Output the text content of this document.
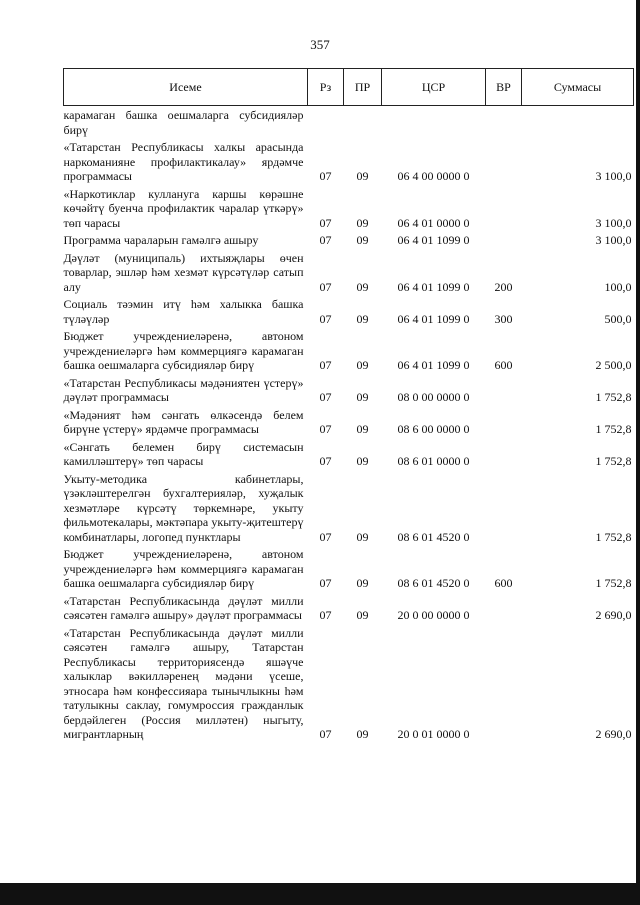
357
Исеме	Рз	ПР	ЦСР	ВР	Суммасы
карамаган башка оешмаларга субсидияләр бирү					
«Татарстан Республикасы халкы арасында наркоманияне профилактикалау» ярдәмче программасы	07	09	06 4 00 0000 0		3 100,0
«Наркотиклар куллануга каршы көрәшне көчәйтү буенча профилактик чаралар үткәрү» төп чарасы	07	09	06 4 01 0000 0		3 100,0
Программа чараларын гамәлгә ашыру	07	09	06 4 01 1099 0		3 100,0
Дәүләт (муниципаль) ихтыяҗлары өчен товарлар, эшләр һәм хезмәт күрсәтүләр сатып алу	07	09	06 4 01 1099 0	200	100,0
Социаль тәэмин итү һәм халыкка башка түләүләр	07	09	06 4 01 1099 0	300	500,0
Бюджет учреждениеләренә, автоном учреждениеләргә һәм коммерциягә карамаган башка оешмаларга субсидияләр бирү	07	09	06 4 01 1099 0	600	2 500,0
«Татарстан Республикасы мәдәниятен үстерү» дәүләт программасы	07	09	08 0 00 0000 0		1 752,8
«Мәдәният һәм сәнгать өлкәсендә белем бирүне үстерү» ярдәмче программасы	07	09	08 6 00 0000 0		1 752,8
«Сәнгать белемен бирү системасын камилләштерү» төп чарасы	07	09	08 6 01 0000 0		1 752,8
Укыту-методика кабинетлары, үзәкләштерелгән бухгалтерияләр, хуҗалык хезмәтләре күрсәтү төркемнәре, укыту фильмотекалары, мәктәпара укыту-җитештерү комбинатлары, логопед пунктлары	07	09	08 6 01 4520 0		1 752,8
Бюджет учреждениеләренә, автоном учреждениеләргә һәм коммерциягә карамаган башка оешмаларга субсидияләр бирү	07	09	08 6 01 4520 0	600	1 752,8
«Татарстан Республикасында дәүләт милли сәясәтен гамәлгә ашыру» дәүләт программасы	07	09	20 0 00 0000 0		2 690,0
«Татарстан Республикасында дәүләт милли сәясәтен гамәлгә ашыру, Татарстан Республикасы территориясендә яшәүче халыклар вәкилләренең мәдәни үсеше, этносара һәм конфессияара тынычлыкны һәм татулыкны саклау, гомумроссия гражданлык бердәйлеген (Россия милләтен) ныгыту, мигрантларның	07	09	20 0 01 0000 0		2 690,0
